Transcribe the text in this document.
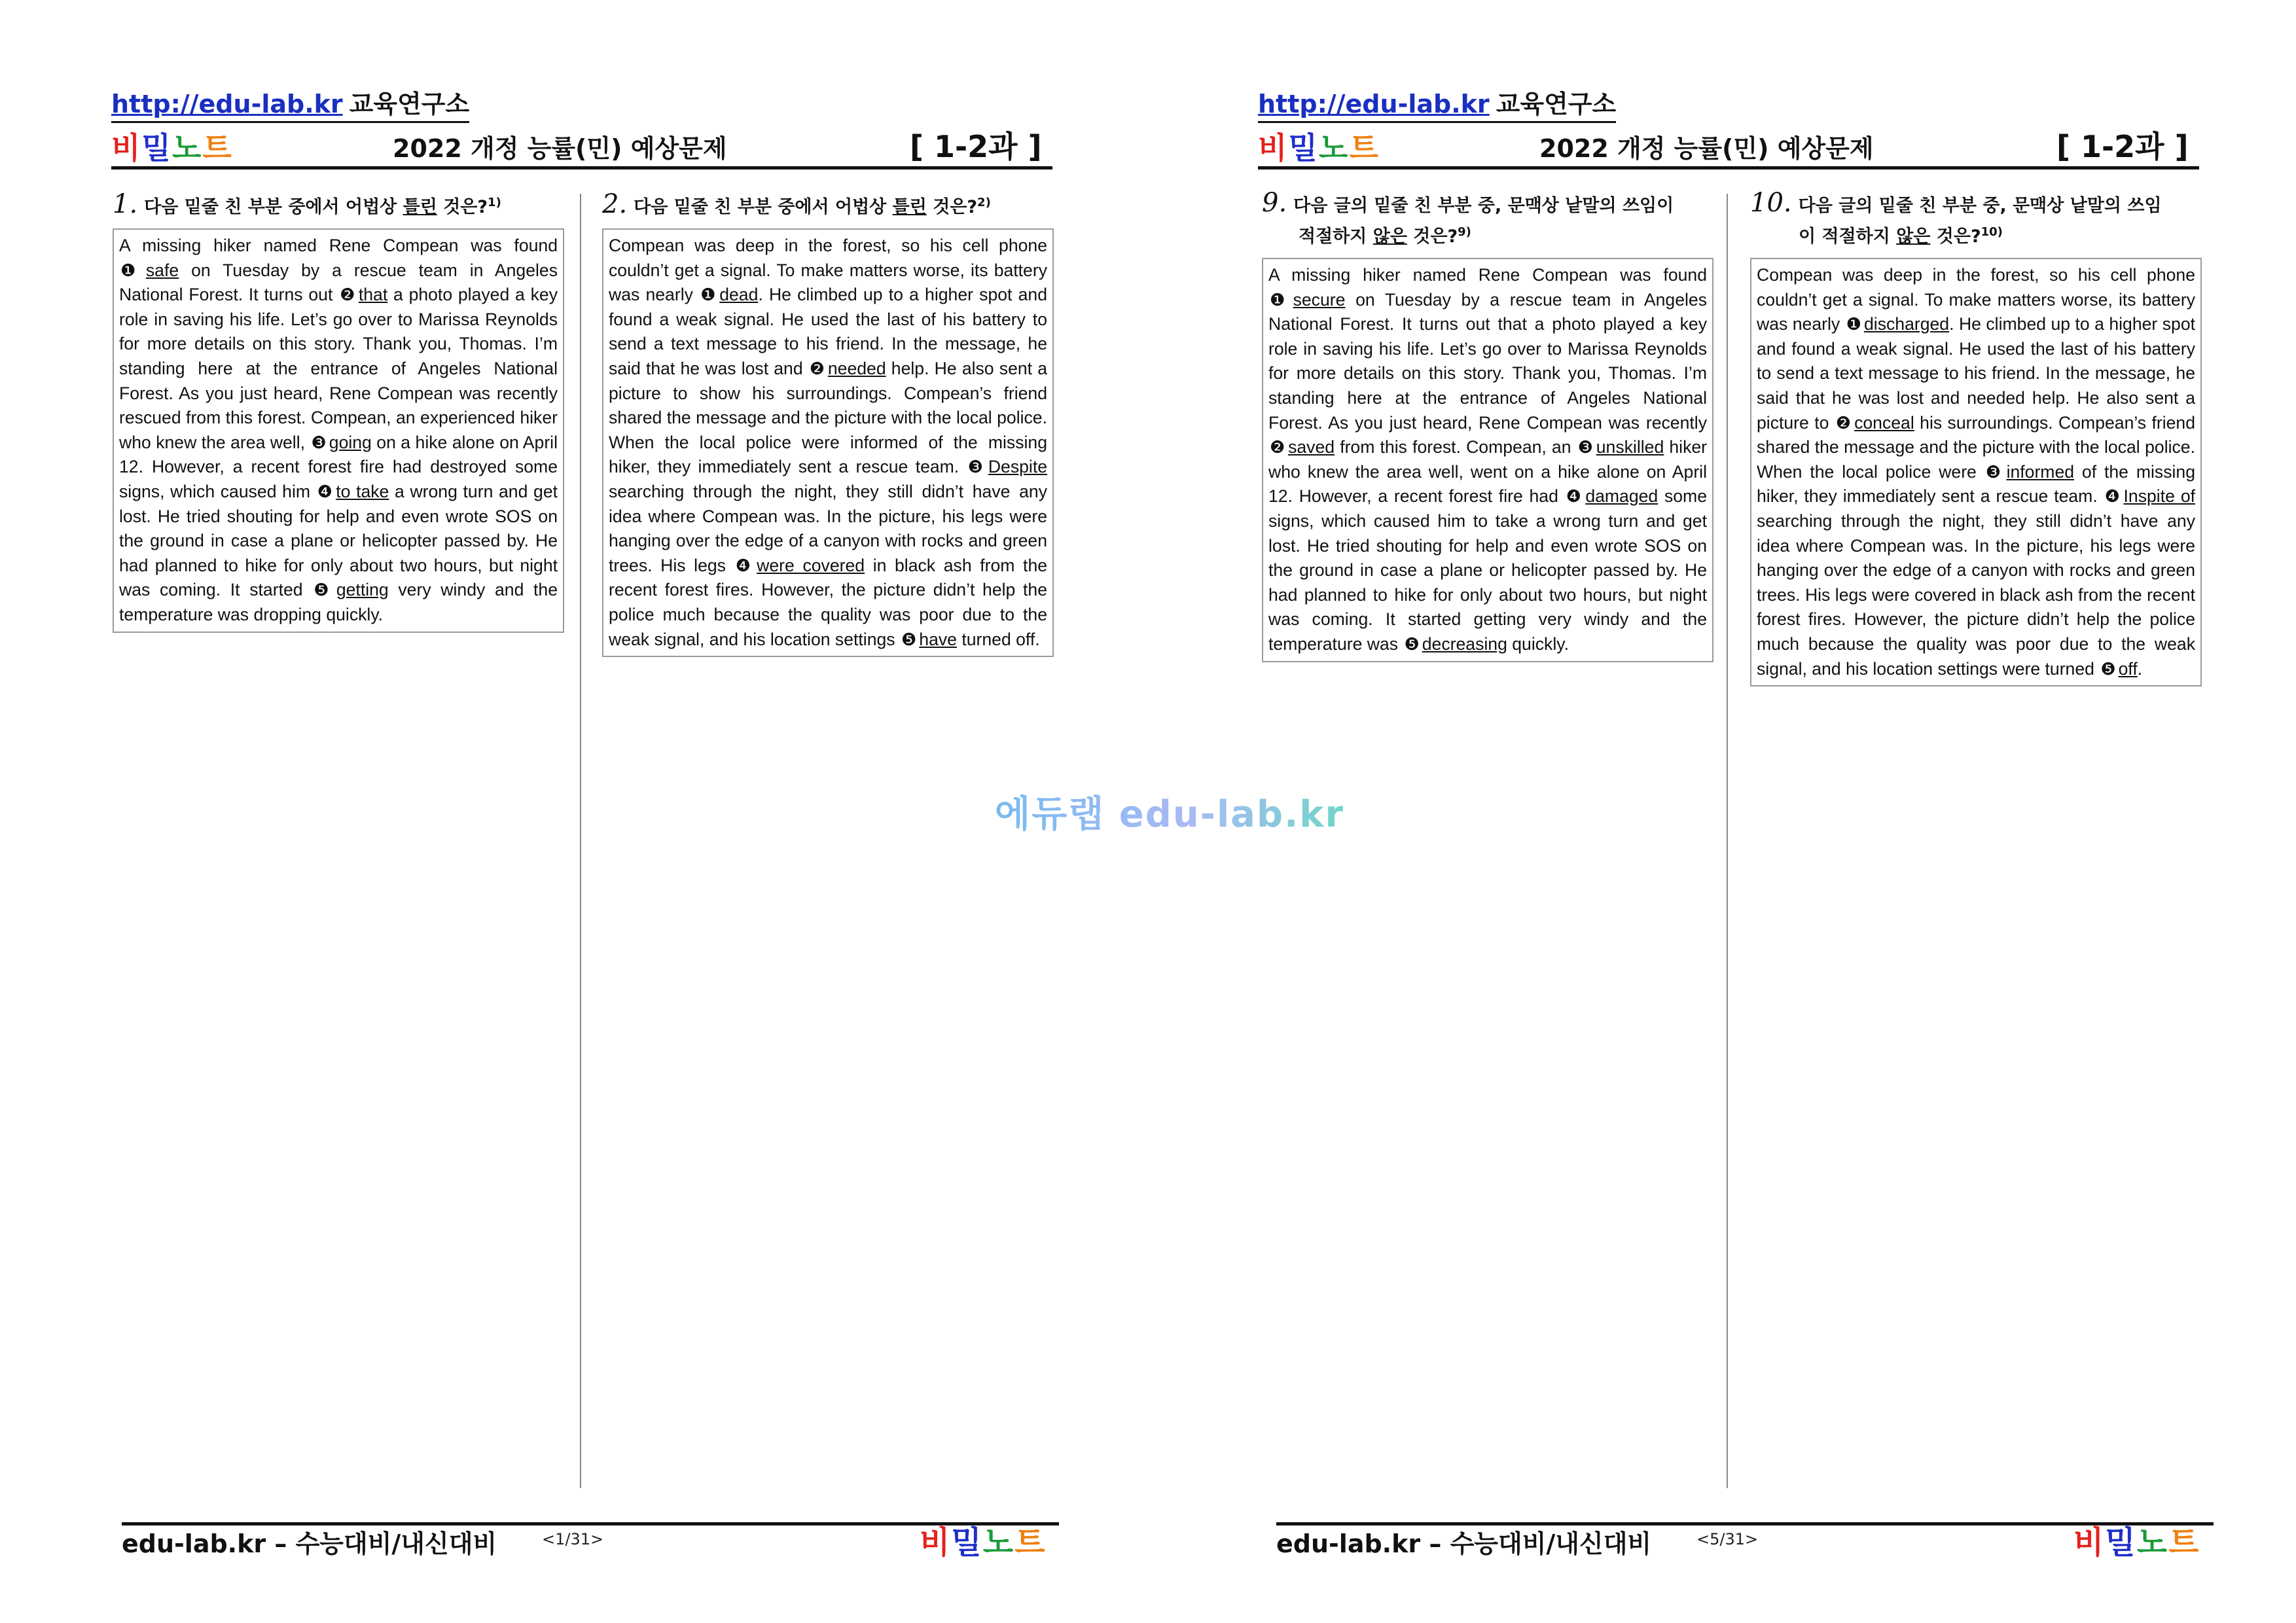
http://edu-lab.kr 교육연구소
비밀노트	2022 개정 능률(민) 예상문제	[ 1-2과 ]
1. 다음 밑줄 친 부분 중에서 어법상 틀린 것은?$^{1)}$
A missing hiker named Rene Compean was found ❶ safe on Tuesday by a rescue team in Angeles National Forest. It turns out ❷ that a photo played a key role in saving his life. Let’s go over to Marissa Reynolds for more details on this story. Thank you, Thomas. I’m standing here at the entrance of Angeles National Forest. As you just heard, Rene Compean was recently rescued from this forest. Compean, an experienced hiker who knew the area well, ❸ going on a hike alone on April 12. However, a recent forest fire had destroyed some signs, which caused him ❹ to take a wrong turn and get lost. He tried shouting for help and even wrote SOS on the ground in case a plane or helicopter passed by. He had planned to hike for only about two hours, but night was coming. It started ❺ getting very windy and the temperature was dropping quickly.
2. 다음 밑줄 친 부분 중에서 어법상 틀린 것은?$^{2)}$
Compean was deep in the forest, so his cell phone couldn’t get a signal. To make matters worse, its battery was nearly ❶ dead. He climbed up to a higher spot and found a weak signal. He used the last of his battery to send a text message to his friend. In the message, he said that he was lost and ❷ needed help. He also sent a picture to show his surroundings. Compean’s friend shared the message and the picture with the local police. When the local police were informed of the missing hiker, they immediately sent a rescue team. ❸ Despite searching through the night, they still didn’t have any idea where Compean was. In the picture, his legs were hanging over the edge of a canyon with rocks and green trees. His legs ❹ were covered in black ash from the recent forest fires. However, the picture didn’t help the police much because the quality was poor due to the weak signal, and his location settings ❺ have turned off.
edu-lab.kr – 수능대비/내신대비	<1/31>	비밀노트
http://edu-lab.kr 교육연구소
비밀노트	2022 개정 능률(민) 예상문제	[ 1-2과 ]
9. 다음 글의 밑줄 친 부분 중, 문맥상 낱말의 쓰임이
적절하지 않은 것은?$^{9)}$
A missing hiker named Rene Compean was found ❶ secure on Tuesday by a rescue team in Angeles National Forest. It turns out that a photo played a key role in saving his life. Let’s go over to Marissa Reynolds for more details on this story. Thank you, Thomas. I’m standing here at the entrance of Angeles National Forest. As you just heard, Rene Compean was recently ❷ saved from this forest. Compean, an ❸ unskilled hiker who knew the area well, went on a hike alone on April 12. However, a recent forest fire had ❹ damaged some signs, which caused him to take a wrong turn and get lost. He tried shouting for help and even wrote SOS on the ground in case a plane or helicopter passed by. He had planned to hike for only about two hours, but night was coming. It started getting very windy and the temperature was ❺ decreasing quickly.
10. 다음 글의 밑줄 친 부분 중, 문맥상 낱말의 쓰임
이 적절하지 않은 것은?$^{10)}$
Compean was deep in the forest, so his cell phone couldn’t get a signal. To make matters worse, its battery was nearly ❶ discharged. He climbed up to a higher spot and found a weak signal. He used the last of his battery to send a text message to his friend. In the message, he said that he was lost and needed help. He also sent a picture to ❷ conceal his surroundings. Compean’s friend shared the message and the picture with the local police. When the local police were ❸ informed of the missing hiker, they immediately sent a rescue team. ❹ Inspite of searching through the night, they still didn’t have any idea where Compean was. In the picture, his legs were hanging over the edge of a canyon with rocks and green trees. His legs were covered in black ash from the recent forest fires. However, the picture didn’t help the police much because the quality was poor due to the weak signal, and his location settings were turned ❺ off.
edu-lab.kr – 수능대비/내신대비	<5/31>	비밀노트
에듀랩 edu-lab.kr
